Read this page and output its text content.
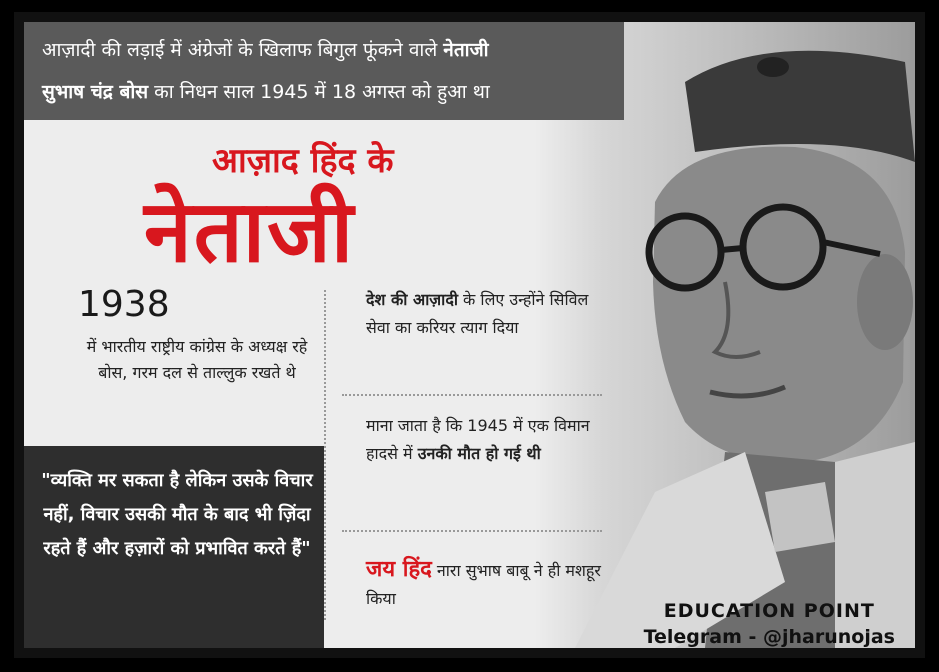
आज़ादी की लड़ाई में अंग्रेजों के खिलाफ बिगुल फूंकने वाले नेताजी
सुभाष चंद्र बोस का निधन साल 1945 में 18 अगस्त को हुआ था
आज़ाद हिंद के
नेताजी
1938
में भारतीय राष्ट्रीय कांग्रेस के अध्यक्ष रहे बोस, गरम दल से ताल्लुक रखते थे
देश की आज़ादी के लिए उन्होंने सिविल सेवा का करियर त्याग दिया
माना जाता है कि 1945 में एक विमान हादसे में उनकी मौत हो गई थी
जय हिंद नारा सुभाष बाबू ने ही मशहूर किया
"व्यक्ति मर सकता है लेकिन उसके विचार नहीं, विचार उसकी मौत के बाद भी ज़िंदा रहते हैं और हज़ारों को प्रभावित करते हैं"
EDUCATION POINT
Telegram - @jharunojas
